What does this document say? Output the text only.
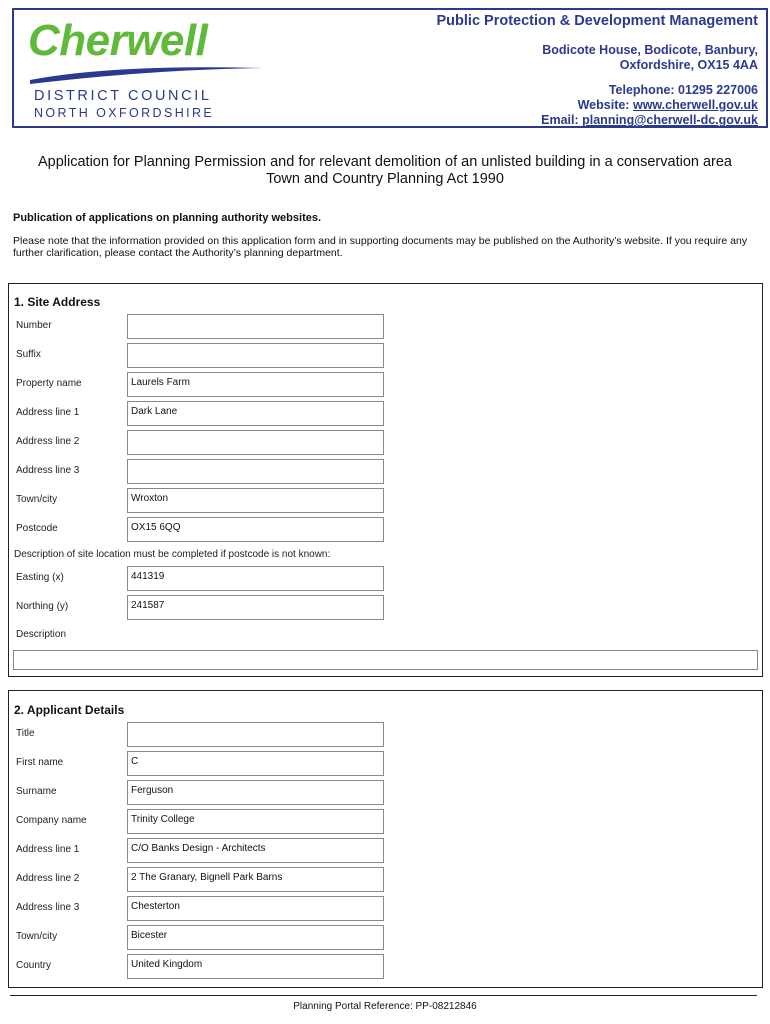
Cherwell
DISTRICT COUNCIL
NORTH OXFORDSHIRE
Public Protection & Development Management
Bodicote House, Bodicote, Banbury,
Oxfordshire, OX15 4AA
Telephone: 01295 227006
Website: www.cherwell.gov.uk
Email: planning@cherwell-dc.gov.uk
Application for Planning Permission and for relevant demolition of an unlisted building in a conservation area
Town and Country Planning Act 1990
Publication of applications on planning authority websites.
Please note that the information provided on this application form and in supporting documents may be published on the Authority’s website. If you require any further clarification, please contact the Authority’s planning department.
1. Site Address
Number
Suffix
Property name	Laurels Farm
Address line 1	Dark Lane
Address line 2
Address line 3
Town/city	Wroxton
Postcode	OX15 6QQ
Description of site location must be completed if postcode is not known:
Easting (x)	441319
Northing (y)	241587
Description
2. Applicant Details
Title
First name	C
Surname	Ferguson
Company name	Trinity College
Address line 1	C/O Banks Design - Architects
Address line 2	2 The Granary, Bignell Park Barns
Address line 3	Chesterton
Town/city	Bicester
Country	United Kingdom
Planning Portal Reference: PP-08212846
